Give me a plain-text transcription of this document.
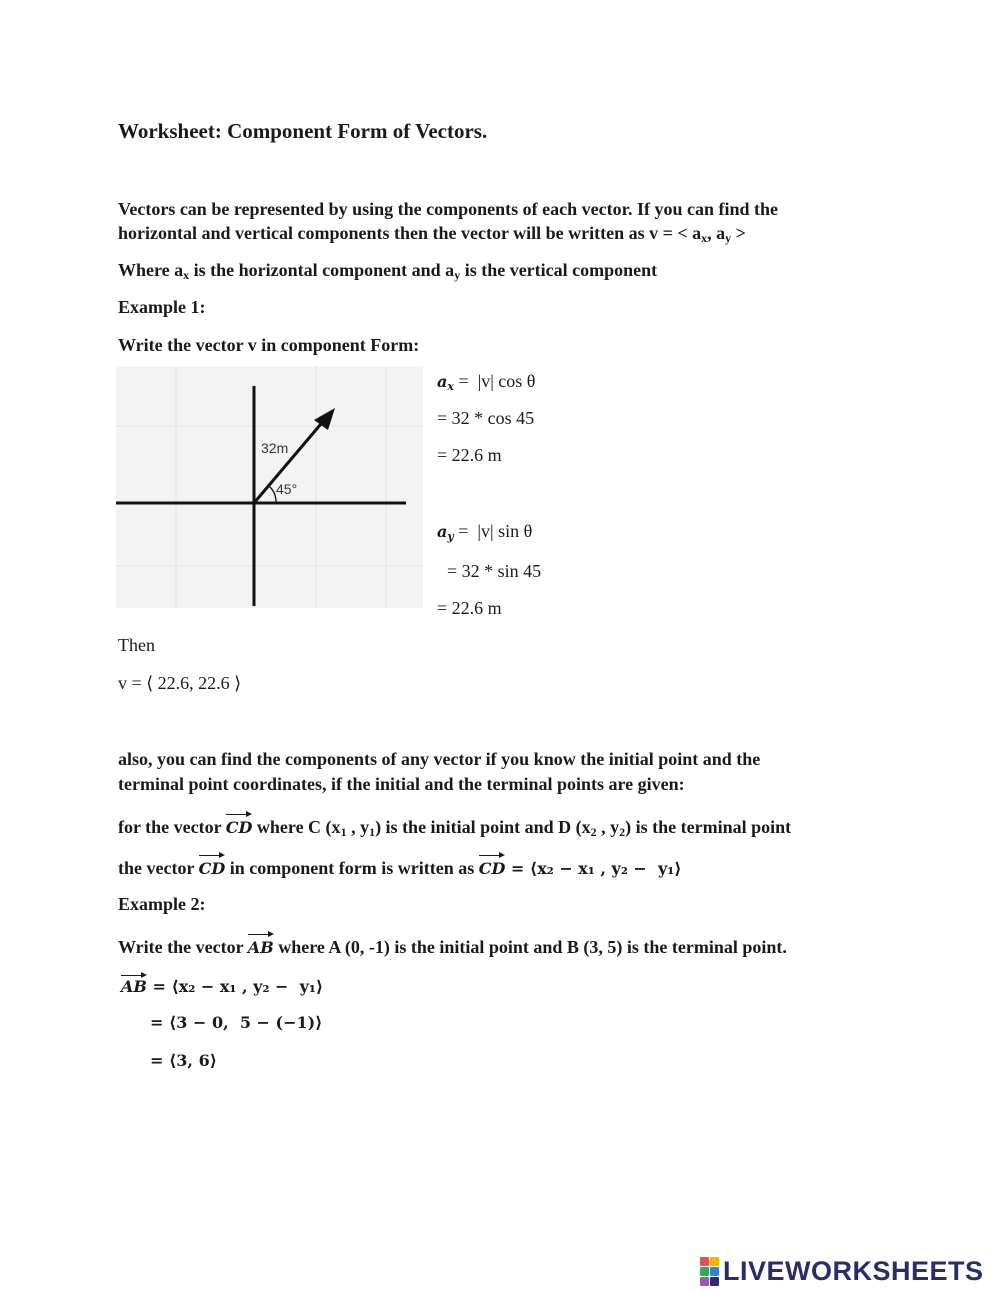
Worksheet: Component Form of Vectors.
Vectors can be represented by using the components of each vector. If you can find the
horizontal and vertical components then the vector will be written as v = < $a_x$, $a_y$ >
Where $a_x$ is the horizontal component and $a_y$ is the vertical component
Example 1:
Write the vector v in component Form:
32m
45°
ax =  |v| cos θ
= 32 * cos 45
= 22.6 m
ay =  |v| sin θ
= 32 * sin 45
= 22.6 m
Then
v = ⟨ 22.6, 22.6 ⟩
also, you can find the components of any vector if you know the initial point and the
terminal point coordinates, if the initial and the terminal points are given:
for the vector CD where C ($x_1$ , $y_1$) is the initial point and D ($x_2$ , $y_2$) is the terminal point
the vector CD in component form is written as CD = ⟨x₂ − x₁ , y₂ −  y₁⟩
Example 2:
Write the vector AB where A (0, -1) is the initial point and B (3, 5) is the terminal point.
AB = ⟨x₂ − x₁ , y₂ −  y₁⟩
= ⟨3 − 0,  5 − (−1)⟩
= ⟨3, 6⟩
LIVEWORKSHEETS
